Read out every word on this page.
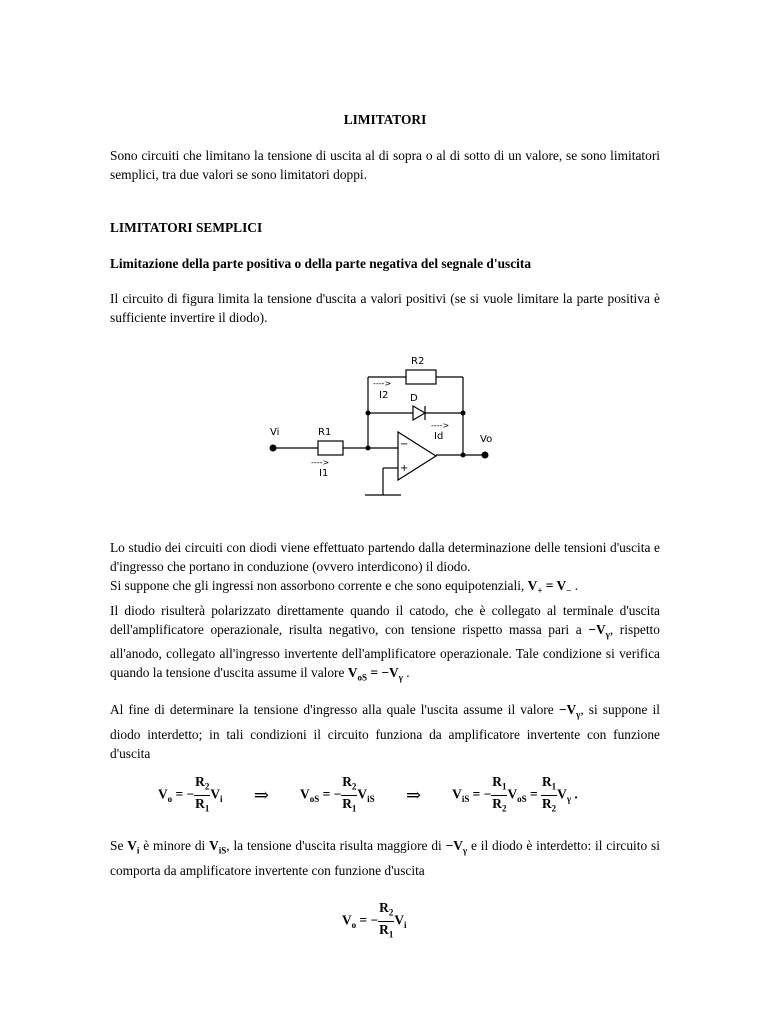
LIMITATORI

Sono circuiti che limitano la tensione di uscita al di sopra o al di sotto di un valore, se sono limitatori semplici, tra due valori se sono limitatori doppi.

LIMITATORI SEMPLICI
Limitazione della parte positiva o della parte negativa del segnale d'uscita

Il circuito di figura limita la tensione d'uscita a valori positivi (se si vuole limitare la parte positiva è sufficiente invertire il diodo).

Lo studio dei circuiti con diodi viene effettuato partendo dalla determinazione delle tensioni d'uscita e d'ingresso che portano in conduzione (ovvero interdicono) il diodo.
Si suppone che gli ingressi non assorbono corrente e che sono equipotenziali, $V_+ = V_-$ .
Il diodo risulterà polarizzato direttamente quando il catodo, che è collegato al terminale d'uscita dell'amplificatore operazionale, risulta negativo, con tensione rispetto massa pari $a -V_\gamma$, rispetto all'anodo, collegato all'ingresso invertente dell'amplificatore operazionale. Tale condizione si verifica quando la tensione d'uscita assume il valore $V_{oS} = -V_\gamma$ .

Al fine di determinare la tensione d'ingresso alla quale l'uscita assume il valore $-V_\gamma$, si suppone il diodo interdetto; in tali condizioni il circuito funziona da amplificatore invertente con funzione d'uscita

$V_o$ = − $\frac{R_2}{R_1} V_i$ ⇒ $V_{oS}$ = − $\frac{R_2}{R_1} V_{iS}$ ⇒ $V_{iS}$ = − $\frac{R_1}{R_2} V_{oS} = \frac{R_1}{R_2} V_\gamma$ .

Se $V_i$ è minore di $V_{iS}$, la tensione d'uscita risulta maggiore di $-V_\gamma$ e il diodo è interdetto: il circuito si comporta da amplificatore invertente con funzione d'uscita

$V_o$ = − $\frac{R_2}{R_1} V_i$
Vi	R1
---->
I1
R2
---->
I2 D
---->
Id	Vo
−
+
